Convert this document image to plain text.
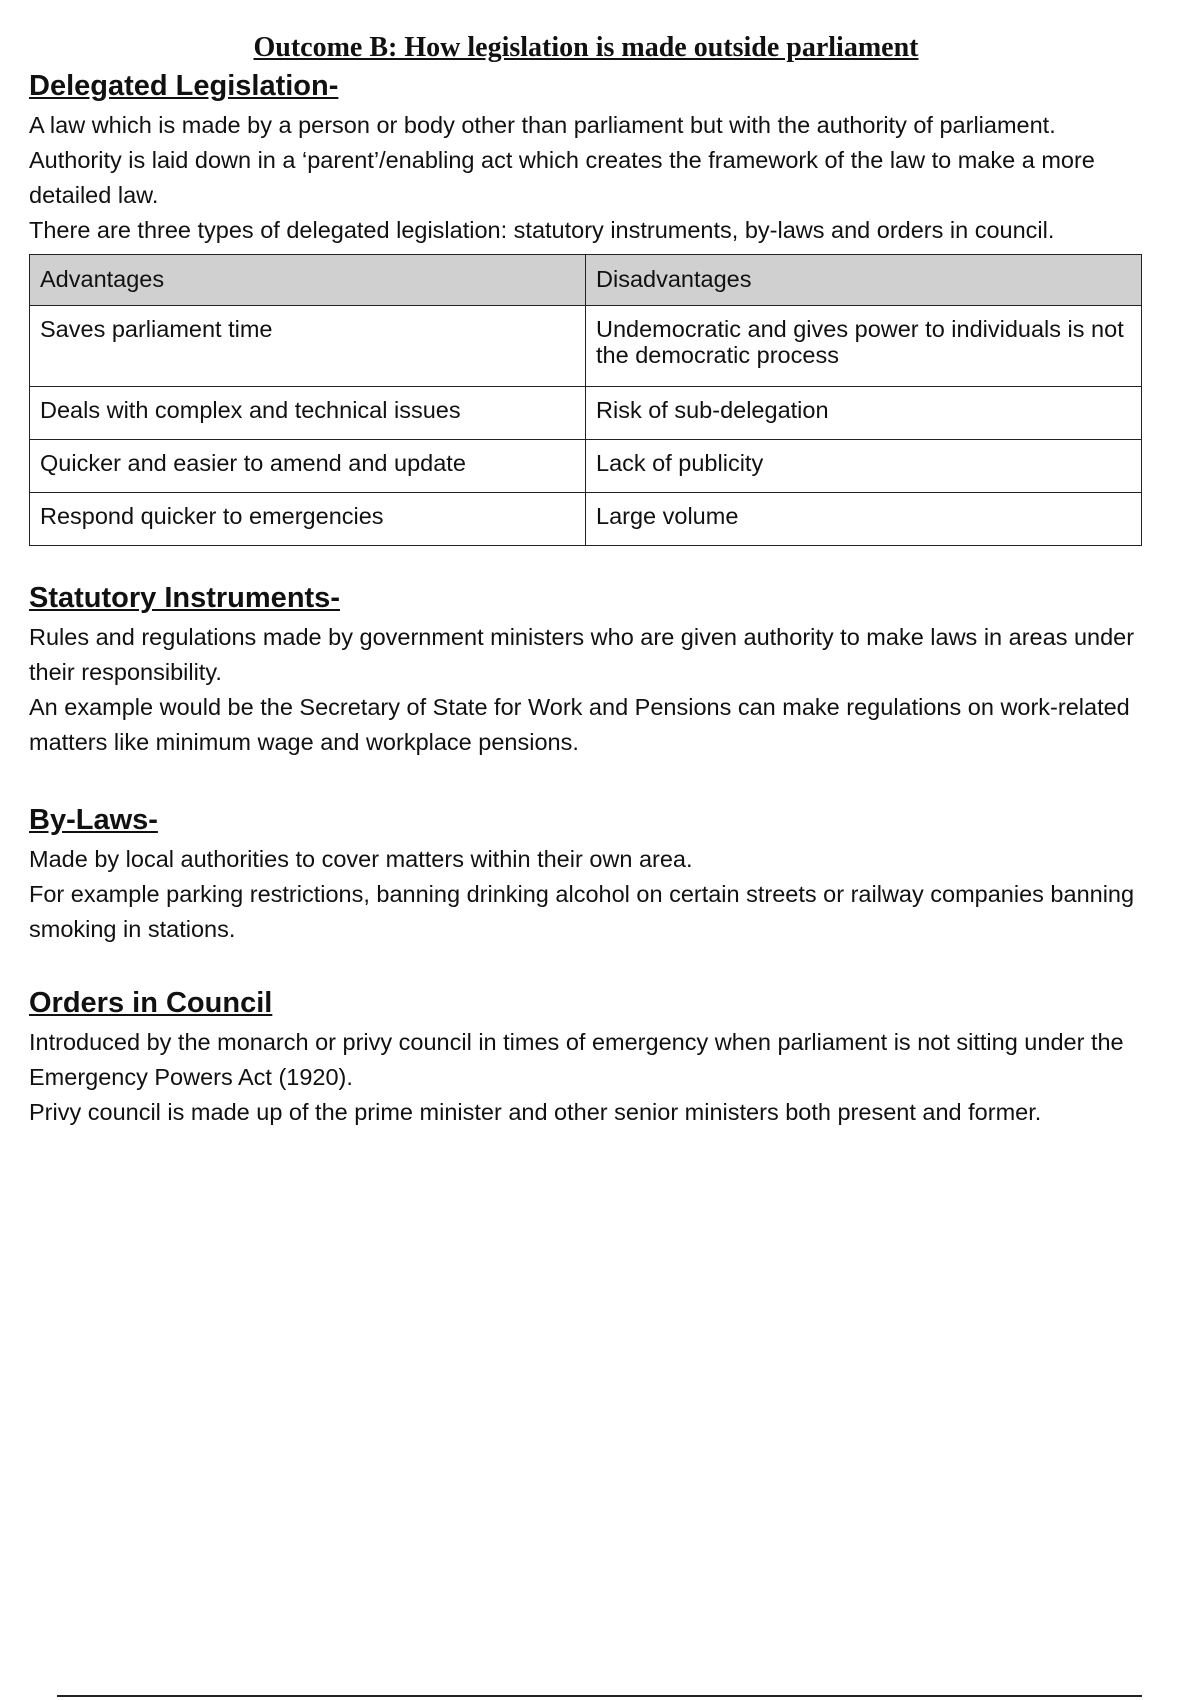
Outcome B: How legislation is made outside parliament
Delegated Legislation-

A law which is made by a person or body other than parliament but with the authority of parliament.

Authority is laid down in a ‘parent’/enabling act which creates the framework of the law to make a more detailed law.

There are three types of delegated legislation: statutory instruments, by-laws and orders in council.

Advantages	Disadvantages
Saves parliament time	Undemocratic and gives power to individuals is not the democratic process
Deals with complex and technical issues	Risk of sub-delegation
Quicker and easier to amend and update	Lack of publicity
Respond quicker to emergencies	Large volume
Statutory Instruments-

Rules and regulations made by government ministers who are given authority to make laws in areas under their responsibility.

An example would be the Secretary of State for Work and Pensions can make regulations on work-related matters like minimum wage and workplace pensions.

By-Laws-

Made by local authorities to cover matters within their own area.

For example parking restrictions, banning drinking alcohol on certain streets or railway companies banning smoking in stations.

Orders in Council

Introduced by the monarch or privy council in times of emergency when parliament is not sitting under the Emergency Powers Act (1920).

Privy council is made up of the prime minister and other senior ministers both present and former.
